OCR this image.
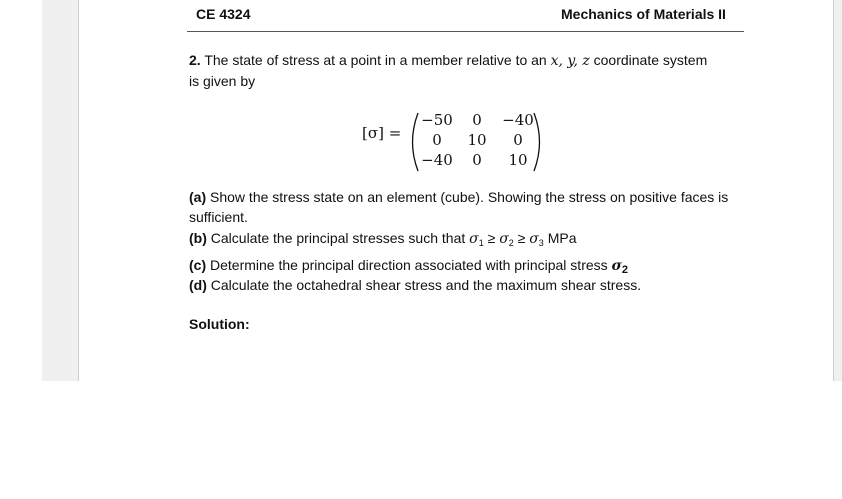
CE 4324	Mechanics of Materials II
2. The state of stress at a point in a member relative to an x, y, z coordinate system
is given by
[σ] =
−50	0	−40
0	10	0
−40	0	10
(a) Show the stress state on an element (cube). Showing the stress on positive faces is sufficient.
(b) Calculate the principal stresses such that $\sigma_1 \ge \sigma_2 \ge \sigma_3$ MPa
(c) Determine the principal direction associated with principal stress $\sigma_2$
(d) Calculate the octahedral shear stress and the maximum shear stress.
Solution:
